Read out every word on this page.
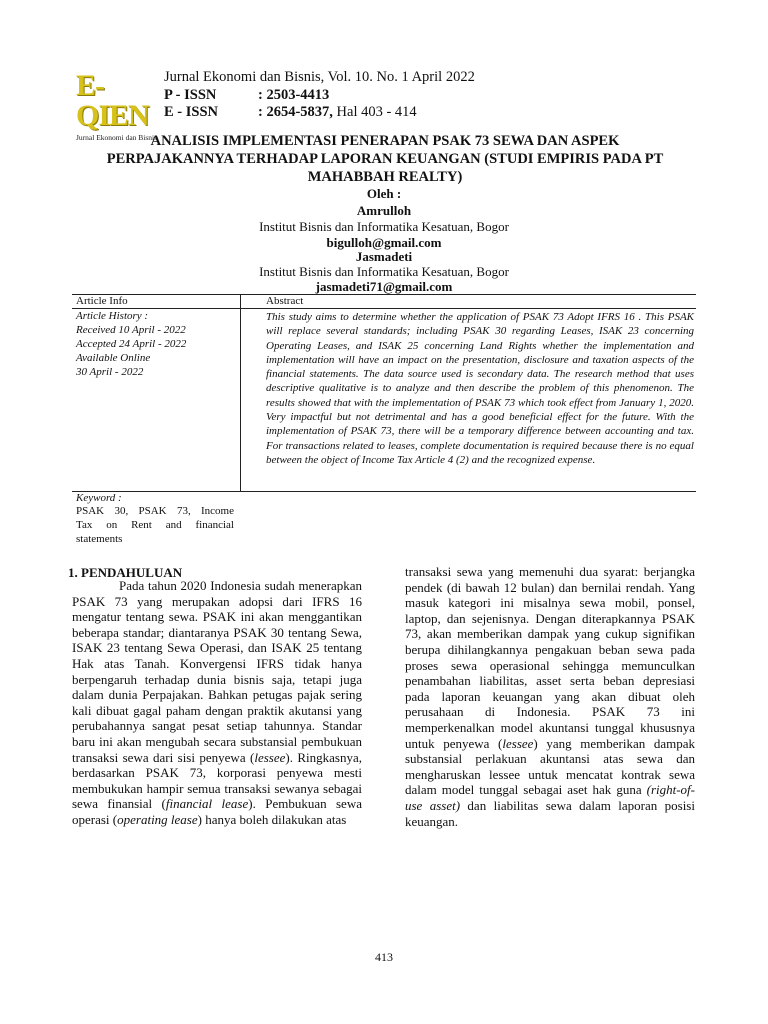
E-QIEN
Jurnal Ekonomi dan Bisnis
Jurnal Ekonomi dan Bisnis, Vol. 10. No. 1 April 2022
P - ISSN	: 2503-4413
E - ISSN	: 2654-5837, Hal 403 - 414
ANALISIS IMPLEMENTASI PENERAPAN PSAK 73 SEWA DAN ASPEK
PERPAJAKANNYA TERHADAP LAPORAN KEUANGAN (STUDI EMPIRIS PADA PT
MAHABBAH REALTY)
Oleh :
Amrulloh
Institut Bisnis dan Informatika Kesatuan, Bogor
bigulloh@gmail.com
Jasmadeti
Institut Bisnis dan Informatika Kesatuan, Bogor
jasmadeti71@gmail.com
Article Info	Abstract
Article History :
Received 10 April - 2022
Accepted 24 April - 2022
Available Online
30 April - 2022
This study aims to determine whether the application of PSAK 73 Adopt IFRS 16 . This PSAK will replace several standards; including PSAK 30 regarding Leases, ISAK 23 concerning Operating Leases, and ISAK 25 concerning Land Rights whether the implementation and implementation will have an impact on the presentation, disclosure and taxation aspects of the financial statements. The data source used is secondary data. The research method that uses descriptive qualitative is to analyze and then describe the problem of this phenomenon. The results showed that with the implementation of PSAK 73 which took effect from January 1, 2020. Very impactful but not detrimental and has a good beneficial effect for the future. With the implementation of PSAK 73, there will be a temporary difference between accounting and tax. For transactions related to leases, complete documentation is required because there is no equal between the object of Income Tax Article 4 (2) and the recognized expense.
Keyword :
PSAK 30, PSAK 73, Income
Tax on Rent and financial
statements
1. PENDAHULUAN

Pada tahun 2020 Indonesia sudah menerapkan PSAK 73 yang merupakan adopsi dari IFRS 16 mengatur tentang sewa. PSAK ini akan menggantikan beberapa standar; diantaranya PSAK 30 tentang Sewa, ISAK 23 tentang Sewa Operasi, dan ISAK 25 tentang Hak atas Tanah. Konvergensi IFRS tidak hanya berpengaruh terhadap dunia bisnis saja, tetapi juga dalam dunia Perpajakan. Bahkan petugas pajak sering kali dibuat gagal paham dengan praktik akutansi yang perubahannya sangat pesat setiap tahunnya. Standar baru ini akan mengubah secara substansial pembukuan transaksi sewa dari sisi penyewa (lessee). Ringkasnya, berdasarkan PSAK 73, korporasi penyewa mesti membukukan hampir semua transaksi sewanya sebagai sewa finansial (financial lease). Pembukuan sewa operasi (operating lease) hanya boleh dilakukan atas

transaksi sewa yang memenuhi dua syarat: berjangka pendek (di bawah 12 bulan) dan bernilai rendah. Yang masuk kategori ini misalnya sewa mobil, ponsel, laptop, dan sejenisnya. Dengan diterapkannya PSAK 73, akan memberikan dampak yang cukup signifikan berupa dihilangkannya pengakuan beban sewa pada proses sewa operasional sehingga memunculkan penambahan liabilitas, asset serta beban depresiasi pada laporan keuangan yang akan dibuat oleh perusahaan di Indonesia. PSAK 73 ini memperkenalkan model akuntansi tunggal khususnya untuk penyewa (lessee) yang memberikan dampak substansial perlakuan akuntansi atas sewa dan mengharuskan lessee untuk mencatat kontrak sewa dalam model tunggal sebagai aset hak guna (right-of-use asset) dan liabilitas sewa dalam laporan posisi keuangan.

413
